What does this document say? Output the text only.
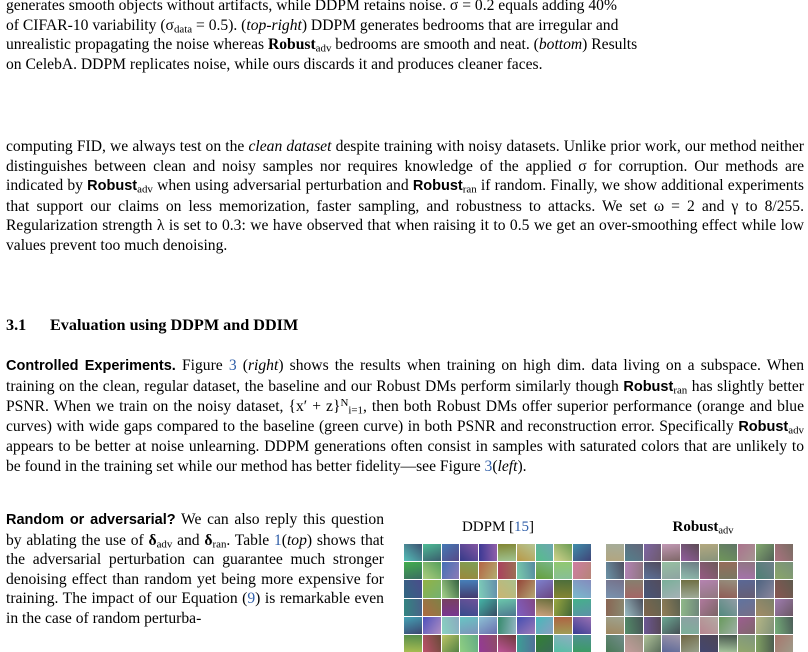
generates smooth objects without artifacts, while DDPM retains noise. σ = 0.2 equals adding 40%
of CIFAR-10 variability $(\sigma_{data} = 0.5)$. (top-right) DDPM generates bedrooms that are irregular and
unrealistic propagating the noise whereas Robust$_{adv}$ bedrooms are smooth and neat. (bottom) Results
on CelebA. DDPM replicates noise, while ours discards it and produces cleaner faces.

computing FID, we always test on the clean dataset despite training with noisy datasets. Unlike prior work, our method neither distinguishes between clean and noisy samples nor requires knowledge of the applied σ for corruption. Our methods are indicated by Robust$_{adv}$ when using adversarial perturbation and Robust$_{ran}$ if random. Finally, we show additional experiments that support our claims on less memorization, faster sampling, and robustness to attacks. We set ω = 2 and γ to 8/255. Regularization strength λ is set to 0.3: we have observed that when raising it to 0.5 we get an over-smoothing effect while low values prevent too much denoising.

3.1 Evaluation using DDPM and DDIM

Controlled Experiments. Figure 3 (right) shows the results when training on high dim. data living on a subspace. When training on the clean, regular dataset, the baseline and our Robust DMs perform similarly though Robust$_{ran}$ has slightly better PSNR. When we train on the noisy dataset, $\{x' + z\}^N_{i=1}$, then both Robust DMs offer superior performance (orange and blue curves) with wide gaps compared to the baseline (green curve) in both PSNR and reconstruction error. Specifically Robust$_{adv}$ appears to be better at noise unlearning. DDPM generations often consist in samples with saturated colors that are unlikely to be found in the training set while our method has better fidelity—see Figure 3(left).

Random or adversarial? We can also reply this question by ablating the use of $\delta_{adv}$ and $\delta_{ran}$. Table 1(top) shows that the adversarial perturbation can guarantee much stronger denoising effect than random yet being more expensive for training. The impact of our Equation (9) is remarkable even in the case of random perturba-

DDPM [15]	Robust$_{adv}$
